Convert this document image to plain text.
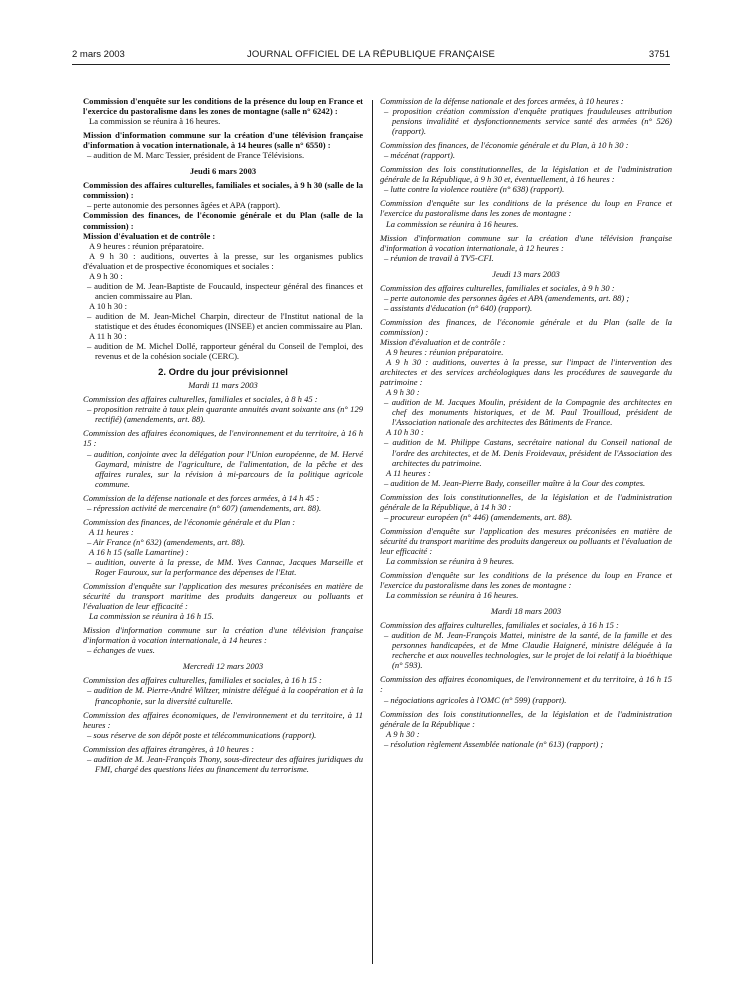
2 mars 2003	JOURNAL OFFICIEL DE LA RÉPUBLIQUE FRANÇAISE	3751

Commission d'enquête sur les conditions de la présence du loup en France et l'exercice du pastoralisme dans les zones de montagne (salle n° 6242) :

La commission se réunira à 16 heures.

Mission d'information commune sur la création d'une télévision française d'information à vocation internationale, à 14 heures (salle n° 6550) :

– audition de M. Marc Tessier, président de France Télévisions.

Jeudi 6 mars 2003

Commission des affaires culturelles, familiales et sociales, à 9 h 30 (salle de la commission) :

– perte autonomie des personnes âgées et APA (rapport).

Commission des finances, de l'économie générale et du Plan (salle de la commission) :

Mission d'évaluation et de contrôle :

A 9 heures : réunion préparatoire.

A 9 h 30 : auditions, ouvertes à la presse, sur les organismes publics d'évaluation et de prospective économiques et sociales :

A 9 h 30 :

– audition de M. Jean-Baptiste de Foucauld, inspecteur général des finances et ancien commissaire au Plan.

A 10 h 30 :

– audition de M. Jean-Michel Charpin, directeur de l'Institut national de la statistique et des études économiques (INSEE) et ancien commissaire au Plan.

A 11 h 30 :

– audition de M. Michel Dollé, rapporteur général du Conseil de l'emploi, des revenus et de la cohésion sociale (CERC).

2. Ordre du jour prévisionnel

Mardi 11 mars 2003

Commission des affaires culturelles, familiales et sociales, à 8 h 45 :

– proposition retraite à taux plein quarante annuités avant soixante ans (n° 129 rectifié) (amendements, art. 88).

Commission des affaires économiques, de l'environnement et du territoire, à 16 h 15 :

– audition, conjointe avec la délégation pour l'Union européenne, de M. Hervé Gaymard, ministre de l'agriculture, de l'alimentation, de la pêche et des affaires rurales, sur la révision à mi-parcours de la politique agricole commune.

Commission de la défense nationale et des forces armées, à 14 h 45 :

– répression activité de mercenaire (n° 607) (amendements, art. 88).

Commission des finances, de l'économie générale et du Plan :

A 11 heures :

– Air France (n° 632) (amendements, art. 88).

A 16 h 15 (salle Lamartine) :

– audition, ouverte à la presse, de MM. Yves Cannac, Jacques Marseille et Roger Fauroux, sur la performance des dépenses de l'Etat.

Commission d'enquête sur l'application des mesures préconisées en matière de sécurité du transport maritime des produits dangereux ou polluants et l'évaluation de leur efficacité :

La commission se réunira à 16 h 15.

Mission d'information commune sur la création d'une télévision française d'information à vocation internationale, à 14 heures :

– échanges de vues.

Mercredi 12 mars 2003

Commission des affaires culturelles, familiales et sociales, à 16 h 15 :

– audition de M. Pierre-André Wiltzer, ministre délégué à la coopération et à la francophonie, sur la diversité culturelle.

Commission des affaires économiques, de l'environnement et du territoire, à 11 heures :

– sous réserve de son dépôt poste et télécommunications (rapport).

Commission des affaires étrangères, à 10 heures :

– audition de M. Jean-François Thony, sous-directeur des affaires juridiques du FMI, chargé des questions liées au financement du terrorisme.

Commission de la défense nationale et des forces armées, à 10 heures :

– proposition création commission d'enquête pratiques frauduleuses attribution pensions invalidité et dysfonctionnements service santé des armées (n° 526) (rapport).

Commission des finances, de l'économie générale et du Plan, à 10 h 30 :

– mécénat (rapport).

Commission des lois constitutionnelles, de la législation et de l'administration générale de la République, à 9 h 30 et, éventuellement, à 16 heures :

– lutte contre la violence routière (n° 638) (rapport).

Commission d'enquête sur les conditions de la présence du loup en France et l'exercice du pastoralisme dans les zones de montagne :

La commission se réunira à 16 heures.

Mission d'information commune sur la création d'une télévision française d'information à vocation internationale, à 12 heures :

– réunion de travail à TV5-CFI.

Jeudi 13 mars 2003

Commission des affaires culturelles, familiales et sociales, à 9 h 30 :

– perte autonomie des personnes âgées et APA (amendements, art. 88) ;

– assistants d'éducation (n° 640) (rapport).

Commission des finances, de l'économie générale et du Plan (salle de la commission) :

Mission d'évaluation et de contrôle :

A 9 heures : réunion préparatoire.

A 9 h 30 : auditions, ouvertes à la presse, sur l'impact de l'intervention des architectes et des services archéologiques dans les procédures de sauvegarde du patrimoine :

A 9 h 30 :

– audition de M. Jacques Moulin, président de la Compagnie des architectes en chef des monuments historiques, et de M. Paul Trouilloud, président de l'Association nationale des architectes des Bâtiments de France.

A 10 h 30 :

– audition de M. Philippe Castans, secrétaire national du Conseil national de l'ordre des architectes, et de M. Denis Froidevaux, président de l'Association des architectes du patrimoine.

A 11 heures :

– audition de M. Jean-Pierre Bady, conseiller maître à la Cour des comptes.

Commission des lois constitutionnelles, de la législation et de l'administration générale de la République, à 14 h 30 :

– procureur européen (n° 446) (amendements, art. 88).

Commission d'enquête sur l'application des mesures préconisées en matière de sécurité du transport maritime des produits dangereux ou polluants et l'évaluation de leur efficacité :

La commission se réunira à 9 heures.

Commission d'enquête sur les conditions de la présence du loup en France et l'exercice du pastoralisme dans les zones de montagne :

La commission se réunira à 16 heures.

Mardi 18 mars 2003

Commission des affaires culturelles, familiales et sociales, à 16 h 15 :

– audition de M. Jean-François Mattei, ministre de la santé, de la famille et des personnes handicapées, et de Mme Claudie Haigneré, ministre déléguée à la recherche et aux nouvelles technologies, sur le projet de loi relatif à la bioéthique (n° 593).

Commission des affaires économiques, de l'environnement et du territoire, à 16 h 15 :

– négociations agricoles à l'OMC (n° 599) (rapport).

Commission des lois constitutionnelles, de la législation et de l'administration générale de la République :

A 9 h 30 :

– résolution règlement Assemblée nationale (n° 613) (rapport) ;
